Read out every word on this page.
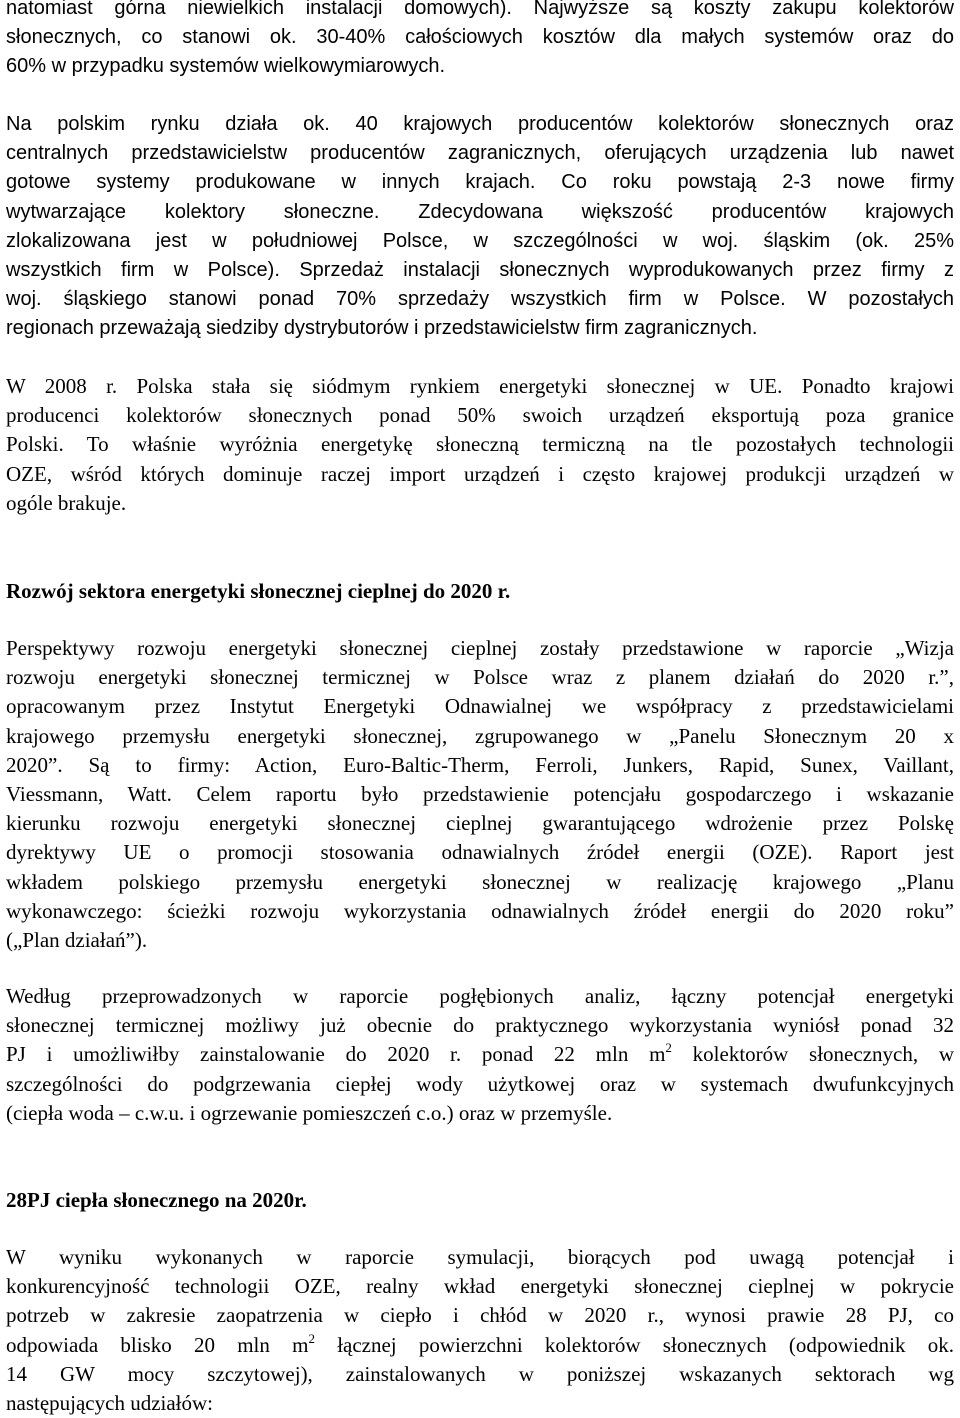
natomiast górna niewielkich instalacji domowych). Najwyższe są koszty zakupu kolektorów
słonecznych, co stanowi ok. 30-40% całościowych kosztów dla małych systemów oraz do
60% w przypadku systemów wielkowymiarowych.
Na polskim rynku działa ok. 40 krajowych producentów kolektorów słonecznych oraz
centralnych przedstawicielstw producentów zagranicznych, oferujących urządzenia lub nawet
gotowe systemy produkowane w innych krajach. Co roku powstają 2-3 nowe firmy
wytwarzające kolektory słoneczne. Zdecydowana większość producentów krajowych
zlokalizowana jest w południowej Polsce, w szczególności w woj. śląskim (ok. 25%
wszystkich firm w Polsce). Sprzedaż instalacji słonecznych wyprodukowanych przez firmy z
woj. śląskiego stanowi ponad 70% sprzedaży wszystkich firm w Polsce. W pozostałych
regionach przeważają siedziby dystrybutorów i przedstawicielstw firm zagranicznych.
W 2008 r. Polska stała się siódmym rynkiem energetyki słonecznej w UE. Ponadto krajowi
producenci kolektorów słonecznych ponad 50% swoich urządzeń eksportują poza granice
Polski. To właśnie wyróżnia energetykę słoneczną termiczną na tle pozostałych technologii
OZE, wśród których dominuje raczej import urządzeń i często krajowej produkcji urządzeń w
ogóle brakuje.
Rozwój sektora energetyki słonecznej cieplnej do 2020 r.
Perspektywy rozwoju energetyki słonecznej cieplnej zostały przedstawione w raporcie „Wizja
rozwoju energetyki słonecznej termicznej w Polsce wraz z planem działań do 2020 r.”,
opracowanym przez Instytut Energetyki Odnawialnej we współpracy z przedstawicielami
krajowego przemysłu energetyki słonecznej, zgrupowanego w „Panelu Słonecznym 20 x
2020”. Są to firmy: Action, Euro-Baltic-Therm, Ferroli, Junkers, Rapid, Sunex, Vaillant,
Viessmann, Watt. Celem raportu było przedstawienie potencjału gospodarczego i wskazanie
kierunku rozwoju energetyki słonecznej cieplnej gwarantującego wdrożenie przez Polskę
dyrektywy UE o promocji stosowania odnawialnych źródeł energii (OZE). Raport jest
wkładem polskiego przemysłu energetyki słonecznej w realizację krajowego „Planu
wykonawczego: ścieżki rozwoju wykorzystania odnawialnych źródeł energii do 2020 roku”
(„Plan działań”).
Według przeprowadzonych w raporcie pogłębionych analiz, łączny potencjał energetyki
słonecznej termicznej możliwy już obecnie do praktycznego wykorzystania wyniósł ponad 32
PJ i umożliwiłby zainstalowanie do 2020 r. ponad 22 mln $m^2$ kolektorów słonecznych, w
szczególności do podgrzewania ciepłej wody użytkowej oraz w systemach dwufunkcyjnych
(ciepła woda – c.w.u. i ogrzewanie pomieszczeń c.o.) oraz w przemyśle.
28PJ ciepła słonecznego na 2020r.
W wyniku wykonanych w raporcie symulacji, biorących pod uwagą potencjał i
konkurencyjność technologii OZE, realny wkład energetyki słonecznej cieplnej w pokrycie
potrzeb w zakresie zaopatrzenia w ciepło i chłód w 2020 r., wynosi prawie 28 PJ, co
odpowiada blisko 20 mln $m^2$ łącznej powierzchni kolektorów słonecznych (odpowiednik ok.
14 GW mocy szczytowej), zainstalowanych w poniższej wskazanych sektorach wg
następujących udziałów:
